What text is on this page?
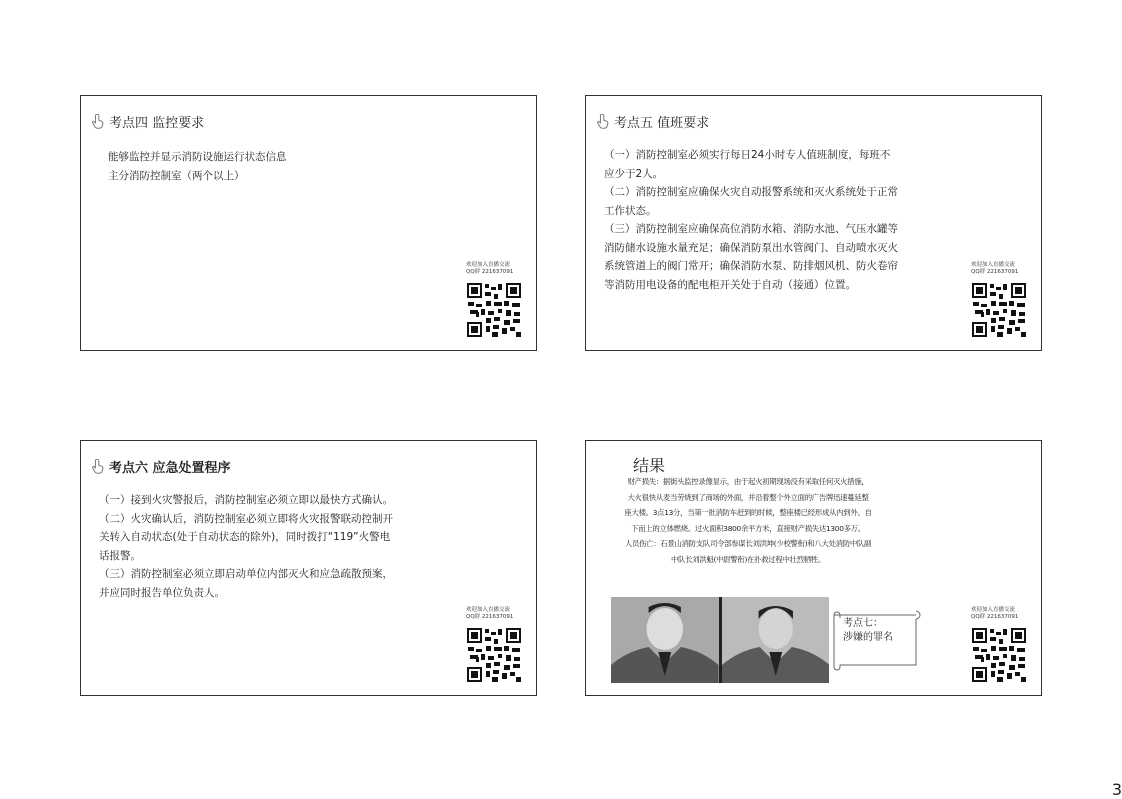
考点四 监控要求
能够监控并显示消防设施运行状态信息
主分消防控制室（两个以上）
欢迎加入直播交流
QQ群 221637091
考点五 值班要求
（一）消防控制室必须实行每日24小时专人值班制度，每班不应少于2人。
（二）消防控制室应确保火灾自动报警系统和灭火系统处于正常工作状态。
（三）消防控制室应确保高位消防水箱、消防水池、气压水罐等消防储水设施水量充足；确保消防泵出水管阀门、自动喷水灭火系统管道上的阀门常开；确保消防水泵、防排烟风机、防火卷帘等消防用电设备的配电柜开关处于自动（接通）位置。
欢迎加入直播交流
QQ群 221637091
考点六 应急处置程序
（一）接到火灾警报后，消防控制室必须立即以最快方式确认。
（二）火灾确认后，消防控制室必须立即将火灾报警联动控制开关转入自动状态(处于自动状态的除外)，同时拨打“119”火警电话报警。
（三）消防控制室必须立即启动单位内部灭火和应急疏散预案，并应同时报告单位负责人。
欢迎加入直播交流
QQ群 221637091
结果
财产损失：据街头监控录像显示，由于起火初期现场没有采取任何灭火措施，
大火很快从麦当劳烧到了商场的外面，并沿着整个外立面的广告牌迅速蔓延整
座大楼。3点13分，当第一批消防车赶到的时候，整座楼已经形成从内到外、自
下而上的立体燃烧。过火面积3800余平方米，直接财产损失达1300多万。
人员伤亡：石景山消防支队司令部参谋长刘洪坤(少校警衔)和八大处消防中队副
中队长刘洪魁(中尉警衔)在扑救过程中壮烈牺牲。
考点七：
涉嫌的罪名
欢迎加入直播交流
QQ群 221637091
3
